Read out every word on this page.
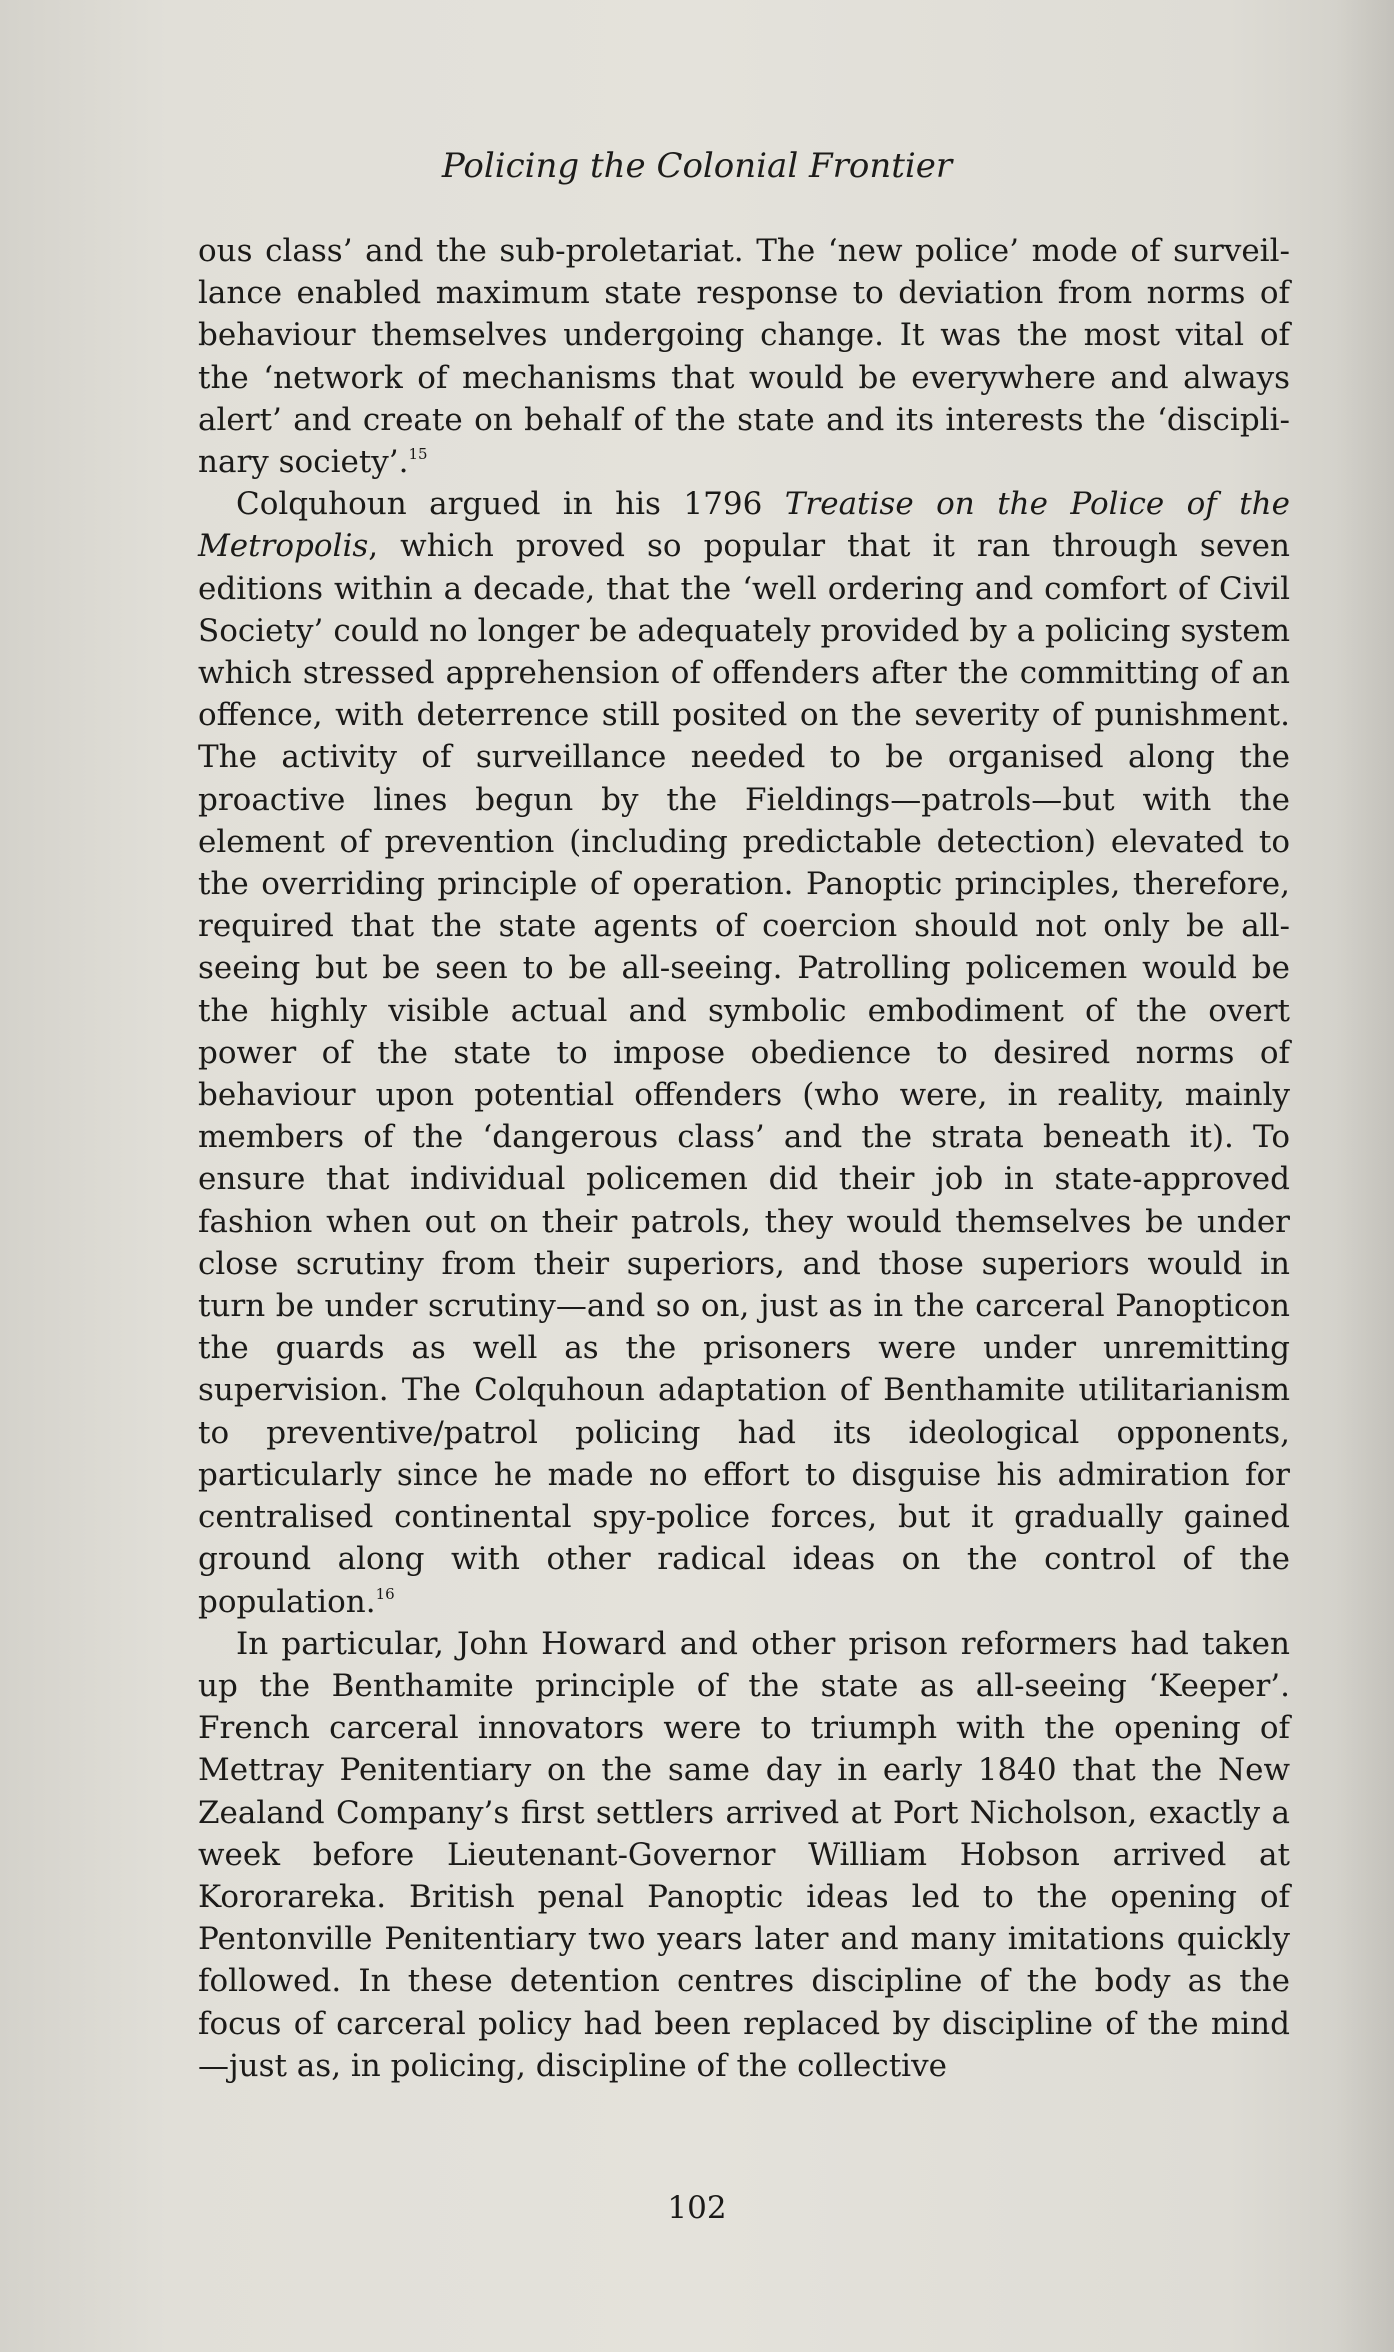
Policing the Colonial Frontier

ous class’ and the sub-proletariat. The ‘new police’ mode of surveillance enabled maximum state response to deviation from norms of behaviour themselves undergoing change. It was the most vital of the ‘network of mechanisms that would be everywhere and always alert’ and create on behalf of the state and its interests the ‘disciplinary society’.$^{15}$

Colquhoun argued in his 1796 Treatise on the Police of the Metropolis, which proved so popular that it ran through seven editions within a decade, that the ‘well ordering and comfort of Civil Society’ could no longer be adequately provided by a policing system which stressed apprehension of offenders after the committing of an offence, with deterrence still posited on the severity of punishment. The activity of surveillance needed to be organised along the proactive lines begun by the Fieldings—patrols—but with the element of prevention (including predictable detection) elevated to the overriding principle of operation. Panoptic principles, therefore, required that the state agents of coercion should not only be all-seeing but be seen to be all-seeing. Patrolling policemen would be the highly visible actual and symbolic embodiment of the overt power of the state to impose obedience to desired norms of behaviour upon potential offenders (who were, in reality, mainly members of the ‘dangerous class’ and the strata beneath it). To ensure that individual policemen did their job in state-approved fashion when out on their patrols, they would themselves be under close scrutiny from their superiors, and those superiors would in turn be under scrutiny—and so on, just as in the carceral Panopticon the guards as well as the prisoners were under unremitting supervision. The Colquhoun adaptation of Benthamite utilitarianism to preventive/patrol policing had its ideological opponents, particularly since he made no effort to disguise his admiration for centralised continental spy-police forces, but it gradually gained ground along with other radical ideas on the control of the population.$^{16}$

In particular, John Howard and other prison reformers had taken up the Benthamite principle of the state as all-seeing ‘Keeper’. French carceral innovators were to triumph with the opening of Mettray Penitentiary on the same day in early 1840 that the New Zealand Company’s first settlers arrived at Port Nicholson, exactly a week before Lieutenant-Governor William Hobson arrived at Kororareka. British penal Panoptic ideas led to the opening of Pentonville Penitentiary two years later and many imitations quickly followed. In these detention centres discipline of the body as the focus of carceral policy had been replaced by discipline of the mind—just as, in policing, discipline of the collective

102
